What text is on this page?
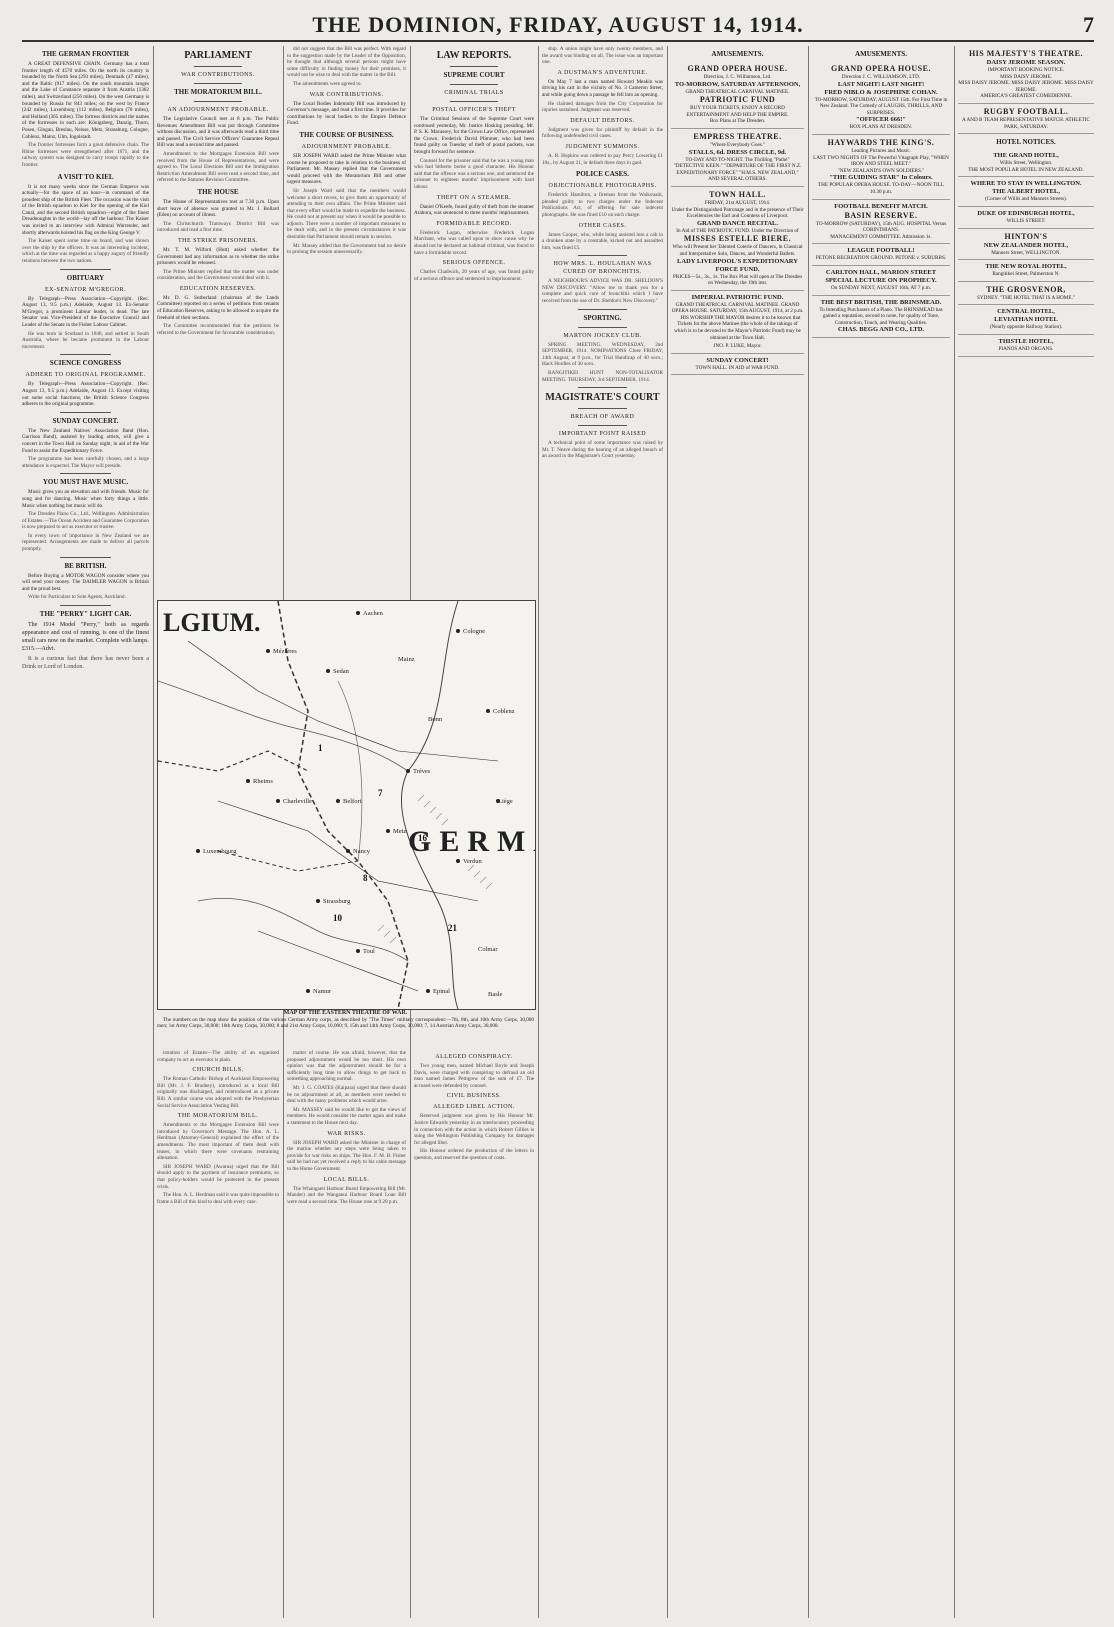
THE DOMINION, FRIDAY, AUGUST 14, 1914.	7
THE GERMAN FRONTIER
A GREAT DEFENSIVE CHAIN. Germany has a total frontier length of 4570 miles. On the north its country is bounded by the North Sea (293 miles), Denmark (47 miles), and the Baltic (917 miles). On the south mountain ranges and the Lake of Constance separate it from Austria (1362 miles), and Switzerland (256 miles). On the west Germany is bounded by Russia for 843 miles; on the west by France (242 miles), Luxemburg (112 miles), Belgium (70 miles), and Holland (365 miles). The fortress districts and the names of the fortresses in each are: Königsberg, Danzig, Thorn, Posen, Glogau, Breslau, Neisse, Metz, Strassburg, Cologne, Coblenz, Mainz, Ulm, Ingolstadt.
The frontier fortresses form a great defensive chain. The Rhine fortresses were strengthened after 1871, and the railway system was designed to carry troops rapidly to the frontier.
A VISIT TO KIEL
It is not many weeks since the German Emperor was actually—for the space of an hour—in command of the proudest ship of the British Fleet. The occasion was the visit of the British squadron to Kiel for the opening of the Kiel Canal, and the second British squadron—eight of the finest Dreadnoughts in the world—lay off the harbour. The Kaiser was invited to an interview with Admiral Warrender, and shortly afterwards hoisted his flag on the King George V.
The Kaiser spent some time on board, and was shown over the ship by the officers. It was an interesting incident, which at the time was regarded as a happy augury of friendly relations between the two nations.
OBITUARY
EX-SENATOR M'GREGOR.
By Telegraph—Press Association—Copyright. (Rec. August 13, 9.5 p.m.) Adelaide, August 13. Ex-Senator M'Gregor, a prominent Labour leader, is dead. The late Senator was Vice-President of the Executive Council and Leader of the Senate in the Fisher Labour Cabinet.
He was born in Scotland in 1848, and settled in South Australia, where he became prominent in the Labour movement.
SCIENCE CONGRESS
ADHERE TO ORIGINAL PROGRAMME.
By Telegraph—Press Association—Copyright. (Rec. August 13, 9.5 p.m.) Adelaide, August 13. Except visiting out some social functions, the British Science Congress adheres to the original programme.
SUNDAY CONCERT.
The New Zealand Natives' Association Band (Hon. Garrison Band), assisted by leading artists, will give a concert in the Town Hall on Sunday night, in aid of the War Fund to assist the Expeditionary Force.
The programme has been carefully chosen, and a large attendance is expected. The Mayor will preside.
YOU MUST HAVE MUSIC.
Music gives you an elevation and with friends. Music for song and for dancing. Music when forty things a little. Music when nothing but music will do.
The Dresden Piano Co., Ltd., Wellington. Administration of Estates.—The Ocean Accident and Guarantee Corporation is now prepared to act as executor or trustee.
In every town of importance in New Zealand we are represented. Arrangements are made to deliver all parcels promptly.
BE BRITISH.
Before Buying a MOTOR WAGON consider where you will send your money. The DAIMLER WAGON is British and the proud best.
Write for Particulars to Sole Agents, Auckland.
THE "PERRY" LIGHT CAR.
The 1914 Model "Perry," both as regards appearance and cost of running, is one of the finest small cars now on the market. Complete with lamps. £315.—Advt.
It is a curious fact that there has never been a Drink or Lord of London.
PARLIAMENT
WAR CONTRIBUTIONS.
THE MORATORIUM BILL.
AN ADJOURNMENT PROBABLE.
The Legislative Council met at 8 p.m. The Public Revenues Amendment Bill was put through Committee without discussion, and it was afterwards read a third time and passed. The Civil Service Officers' Guarantee Repeal Bill was read a second time and passed.
Amendments to the Mortgages Extension Bill were received from the House of Representatives, and were agreed to. The Local Elections Bill and the Immigration Restriction Amendment Bill were read a second time, and referred to the Statutes Revision Committee.
THE HOUSE
The House of Representatives met at 7.30 p.m. Upon short leave of absence was granted to Mr. J. Bollard (Eden) on account of illness.
The Christchurch Tramways District Bill was introduced and read a first time.
THE STRIKE PRISONERS.
Mr. T. M. Wilford (Hutt) asked whether the Government had any information as to whether the strike prisoners would be released.
The Prime Minister replied that the matter was under consideration, and the Government would deal with it.
EDUCATION RESERVES.
Mr. D. G. Sutherland (chairman of the Lands Committee) reported on a series of petitions from tenants of Education Reserves, asking to be allowed to acquire the freehold of their sections.
The Committee recommended that the petitions be referred to the Government for favourable consideration.
did not suggest that the Bill was perfect. With regard to the suggestion made by the Leader of the Opposition, he thought that although several persons might have some difficulty in finding money for their premises, it would not be wise to deal with the matter in the Bill.
The amendments were agreed to.
WAR CONTRIBUTIONS.
The Local Bodies Indemnity Bill was introduced by Governor's message, and read a first time. It provides for contributions by local bodies to the Empire Defence Fund.
THE COURSE OF BUSINESS.
ADJOURNMENT PROBABLE.
SIR JOSEPH WARD asked the Prime Minister what course he proposed to take in relation to the business of Parliament. Mr. Massey replied that the Government would proceed with the Moratorium Bill and other urgent measures.
Sir Joseph Ward said that the members would welcome a short recess, to give them an opportunity of attending to their own affairs. The Prime Minister said that every effort would be made to expedite the business. He could not at present say when it would be possible to adjourn. There were a number of important measures to be dealt with, and in the present circumstances it was desirable that Parliament should remain in session.
Mr. Massey added that the Government had no desire to prolong the session unnecessarily.
1
7
8
16
21
10
LGIUM.
GERM
Aachen
Cologne
Coblenz
Trèves
Metz
Nancy
Strassburg
Verdun
Toul
Epinal
Belfort
Luxembourg
Rheims
Charleville
Sedan
Mézières
Liège
Namur
Bonn
Mainz
Colmar
Basle
MAP OF THE EASTERN THEATRE OF WAR.
The numbers on the map show the position of the various German Army corps, as described by "The Times" military correspondent:—7th, 8th, and 10th Army Corps, 30,000 men; 1st Army Corps, 30,000; 16th Army Corps, 30,000; 8 and 21st Army Corps, 10,000; 9, 15th and 14th Army Corps, 30,000; 7, 14 Austrian Army Corps, 30,000.
istration of Estates—The ability of an organised company to act as executor is plain.
CHURCH BILLS.
The Roman Catholic Bishop of Auckland Empowering Bill (Mr. J. F. Bradney), introduced as a local Bill originally was discharged, and reintroduced as a private Bill. A similar course was adopted with the Presbyterian Social Service Association Vesting Bill.
THE MORATORIUM BILL.
Amendments to the Mortgages Extension Bill were introduced by Governor's Message. The Hon. A. L. Herdman (Attorney-General) explained the effect of the amendments. The most important of them dealt with leases, in which there were covenants restraining alienation.
SIR JOSEPH WARD (Awarua) urged that the Bill should apply to the payment of insurance premiums, so that policy-holders would be protected in the present crisis.
The Hon. A. L. Herdman said it was quite impossible to frame a Bill of this kind to deal with every case.
matter of course. He was afraid, however, that the proposed adjournment would be too short. His own opinion was that the adjournment should be for a sufficiently long time to allow things to get back to something approaching normal.
Mr. J. G. COATES (Kaipara) urged that there should be no adjournment at all, as members were needed to deal with the many problems which would arise.
Mr. MASSEY said he would like to get the views of members. He would consider the matter again and make a statement to the House next day.
WAR RISKS.
SIR JOSEPH WARD asked the Minister in charge of the marine whether any steps were being taken to provide for war risks on ships. The Hon. F. M. B. Fisher said he had not yet received a reply to his cable message to the Home Government.
LOCAL BILLS.
The Whangarei Harbour Board Empowering Bill (Mr. Mander) and the Wanganui Harbour Board Loan Bill were read a second time. The House rose at 9.20 p.m.
LAW REPORTS.
SUPREME COURT
CRIMINAL TRIALS
POSTAL OFFICER'S THEFT
The Criminal Sessions of the Supreme Court were continued yesterday, Mr. Justice Hosking presiding. Mr. P. S. K. Macassey, for the Crown Law Office, represented the Crown. Frederick David Plimmer, who had been found guilty on Tuesday of theft of postal packets, was brought forward for sentence.
Counsel for the prisoner said that he was a young man who had hitherto borne a good character. His Honour said that the offence was a serious one, and sentenced the prisoner to eighteen months' imprisonment with hard labour.
THEFT ON A STEAMER.
Daniel O'Keefe, found guilty of theft from the steamer Arahura, was sentenced to three months' imprisonment.
FORMIDABLE RECORD.
Frederick Logan, otherwise Frederick Logan Marchant, who was called upon to show cause why he should not be declared an habitual criminal, was found to have a formidable record.
SERIOUS OFFENCE.
Charles Chadwick, 20 years of age, was found guilty of a serious offence and sentenced to imprisonment.
ALLEGED CONSPIRACY.
Two young men, named Michael Boyle and Joseph Davis, were charged with conspiring to defraud an old man named James Pettigrew of the sum of £7. The accused were defended by counsel.
CIVIL BUSINESS.
ALLEGED LIBEL ACTION.
Reserved judgment was given by His Honour Mr. Justice Edwards yesterday in an interlocutory proceeding in connection with the action in which Robert Gillies is suing the Wellington Publishing Company for damages for alleged libel.
His Honour ordered the production of the letters in question, and reserved the question of costs.
ship. A union might have only twenty members, and the award was binding on all. The issue was an important one.
A DUSTMAN'S ADVENTURE.
On May 7 last a man named Howard Meakin was driving his cart in the vicinity of No. 3 Cameron Street, and while going down a passage he fell into an opening.
He claimed damages from the City Corporation for injuries sustained. Judgment was reserved.
DEFAULT DEBTORS.
Judgment was given for plaintiff by default in the following undefended civil cases.
JUDGMENT SUMMONS.
A. R. Hopkins was ordered to pay Percy Lowering £1 10s., by August 21, in default three days in gaol.
POLICE CASES.
OBJECTIONABLE PHOTOGRAPHS.
Frederick Hamilton, a fireman from the Waikouaiti, pleaded guilty to two charges under the Indecent Publications Act, of offering for sale indecent photographs. He was fined £10 on each charge.
OTHER CASES.
James Cooper, who, while being assisted into a cab in a drunken state by a constable, kicked out and assaulted him, was fined £5.
HOW MRS. L. HOULAHAN WAS CURED OF BRONCHITIS.
A NEIGHBOUR'S ADVICE WAS DR. SHELDON'S NEW DISCOVERY. "Allow me to thank you for a complete and quick cure of bronchitis which I have received from the use of Dr. Sheldon's New Discovery."
SPORTING.
MARTON JOCKEY CLUB.
SPRING MEETING. WEDNESDAY, 2nd SEPTEMBER, 1914. NOMINATIONS Close FRIDAY, 14th August, at 9 p.m., for Trial Handicap of 40 sovs.; Hack Hurdles of 30 sovs.
RANGITIKEI HUNT NON-TOTALISATOR MEETING. THURSDAY, 3rd SEPTEMBER, 1914.
MAGISTRATE'S COURT
BREACH OF AWARD
IMPORTANT POINT RAISED
A technical point of some importance was raised by Mr. T. Neave during the hearing of an alleged breach of an award in the Magistrate's Court yesterday.
AMUSEMENTS.
GRAND OPERA HOUSE.
Direction, J. C. Williamson, Ltd.
TO-MORROW, SATURDAY AFTERNOON,
GRAND THEATRICAL CARNIVAL MATINEE.
PATRIOTIC FUND
BUY YOUR TICKETS, ENJOY A RECORD ENTERTAINMENT AND HELP THE EMPIRE.
Box Plans at The Dresden.
EMPRESS THEATRE.
"Where Everybody Goes."
STALLS, 6d. DRESS CIRCLE, 9d.
TO-DAY AND TO-NIGHT. The Thrilling "Pathé" "DETECTIVE KEEN." "DEPARTURE OF THE FIRST N.Z. EXPEDITIONARY FORCE" "H.M.S. NEW ZEALAND," AND SEVERAL OTHERS.
TOWN HALL.
FRIDAY, 21st AUGUST, 1914.
Under the Distinguished Patronage and in the presence of Their Excellencies the Earl and Countess of Liverpool.
GRAND DANCE RECITAL.
In Aid of THE PATRIOTIC FUND. Under the Direction of
MISSES ESTELLE BIERE.
Who will Present her Talented Coterie of Dancers, in Classical and Interpretative Solo, Dances, and Wonderful Ballets.
LADY LIVERPOOL'S EXPEDITIONARY FORCE FUND.
PRICES—5s., 3s., 1s. The Box Plan will open at The Dresden on Wednesday, the 19th inst.
IMPERIAL PATRIOTIC FUND.
GRAND THEATRICAL CARNIVAL MATINEE. GRAND OPERA HOUSE. SATURDAY, 15th AUGUST, 1914, at 2 p.m.
HIS WORSHIP THE MAYOR desires it to be known that Tickets for the above Matinee (the whole of the takings of which is to be devoted to the Mayor's Patriotic Fund) may be obtained at the Town Hall.
JNO. P. LUKE, Mayor.
SUNDAY CONCERT!
TOWN HALL. IN AID of WAR FUND.
AMUSEMENTS.
GRAND OPERA HOUSE.
Direction J. C. WILLIAMSON, LTD.
LAST NIGHT! LAST NIGHT!
FRED NIBLO & JOSEPHINE COHAN.
TO-MORROW, SATURDAY, AUGUST 15th. For First Time in New Zealand. The Comedy of LAUGHS, THRILLS, AND SURPRISES.
"OFFICER 666!"
BOX PLANS AT DRESDEN.
HAYWARDS THE KING'S.
Leading Pictures and Music.
LAST TWO NIGHTS OF The Powerful Vitagraph Play, "WHEN IRON AND STEEL MEET."
"NEW ZEALAND'S OWN SOLDIERS."
"THE GUIDING STAR" In Colours.
THE POPULAR OPERA HOUSE. TO-DAY—NOON TILL 10.30 p.m.
FOOTBALL BENEFIT MATCH.
BASIN RESERVE.
TO-MORROW (SATURDAY), 15th AUG. HOSPITAL Versus CORINTHIANS.
MANAGEMENT COMMITTEE. Admission 1s.
LEAGUE FOOTBALL!
PETONE RECREATION GROUND. PETONE v. SUBURBS.
CARLTON HALL, MARION STREET
SPECIAL LECTURE ON PROPHECY.
On SUNDAY NEXT, AUGUST 16th, AT 7 p.m.
THE BEST BRITISH, THE BRINSMEAD.
To Intending Purchasers of a Piano. The BRINSMEAD has gained a reputation, second to none, for quality of Tone, Construction, Touch, and Wearing Qualities.
CHAS. BEGG AND CO., LTD.
HIS MAJESTY'S THEATRE.
DAISY JEROME SEASON.
IMPORTANT BOOKING NOTICE.
MISS DAISY JEROME.
MISS DAISY JEROME. MISS DAISY JEROME. MISS DAISY JEROME.
AMERICA'S GREATEST COMEDIENNE.
RUGBY FOOTBALL.
A AND B TEAM REPRESENTATIVE MATCH. ATHLETIC PARK, SATURDAY.
HOTEL NOTICES.
THE GRAND HOTEL,
Willis Street, Wellington.
THE MOST POPULAR HOTEL IN NEW ZEALAND.
WHERE TO STAY IN WELLINGTON.
THE ALBERT HOTEL,
(Corner of Willis and Manners Streets).
DUKE OF EDINBURGH HOTEL,
WILLIS STREET.
HINTON'S
NEW ZEALANDER HOTEL,
Manners Street, WELLINGTON.
THE NEW ROYAL HOTEL,
Rangitikei Street, Palmerston N.
THE GROSVENOR,
SYDNEY. "THE HOTEL THAT IS A HOME."
CENTRAL HOTEL,
LEVIATHAN HOTEL
(Nearly opposite Railway Station).
THISTLE HOTEL,
PIANOS AND ORGANS.
